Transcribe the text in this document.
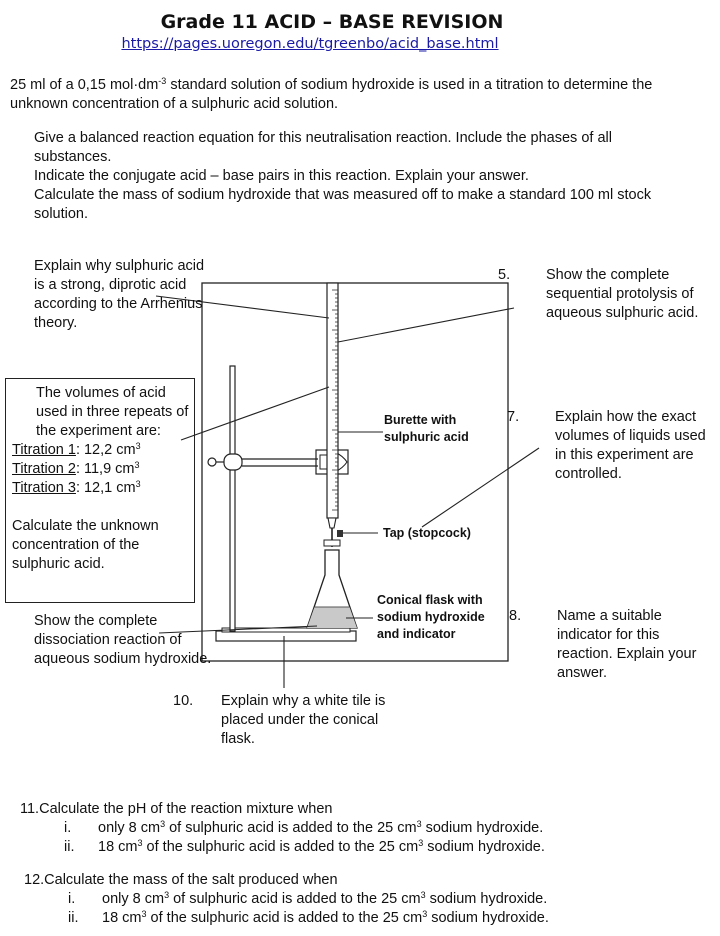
Grade 11 ACID – BASE REVISION
https://pages.uoregon.edu/tgreenbo/acid_base.html
25 ml of a 0,15 $mol\cdot dm^{-3}$ standard solution of sodium hydroxide is used in a titration to determine the unknown concentration of a sulphuric acid solution.
Give a balanced reaction equation for this neutralisation reaction. Include the phases of all substances.
Indicate the conjugate acid – base pairs in this reaction. Explain your answer.
Calculate the mass of sodium hydroxide that was measured off to make a standard 100 ml stock solution.
Explain why sulphuric acid is a strong, diprotic acid according to the Arrhenius theory.
5. Show the complete sequential protolysis of aqueous sulphuric acid.
The volumes of acid used in three repeats of the experiment are:
Titration 1: 12,2 $cm^3$
Titration 2: 11,9 $cm^3$
Titration 3: 12,1 $cm^3$
Calculate the unknown concentration of the sulphuric acid.
7. Explain how the exact volumes of liquids used in this experiment are controlled.
Burette with sulphuric acid
Tap (stopcock)
Conical flask with sodium hydroxide and indicator
Show the complete dissociation reaction of aqueous sodium hydroxide.
8. Name a suitable indicator for this reaction. Explain your answer.
10. Explain why a white tile is placed under the conical flask.
11.Calculate the pH of the reaction mixture when
i. only 8 $cm^3$ of sulphuric acid is added to the 25 $cm^3$ sodium hydroxide.
ii. 18 $cm^3$ of the sulphuric acid is added to the 25 $cm^3$ sodium hydroxide.
12.Calculate the mass of the salt produced when
i. only 8 $cm^3$ of sulphuric acid is added to the 25 $cm^3$ sodium hydroxide.
ii. 18 $cm^3$ of the sulphuric acid is added to the 25 $cm^3$ sodium hydroxide.
